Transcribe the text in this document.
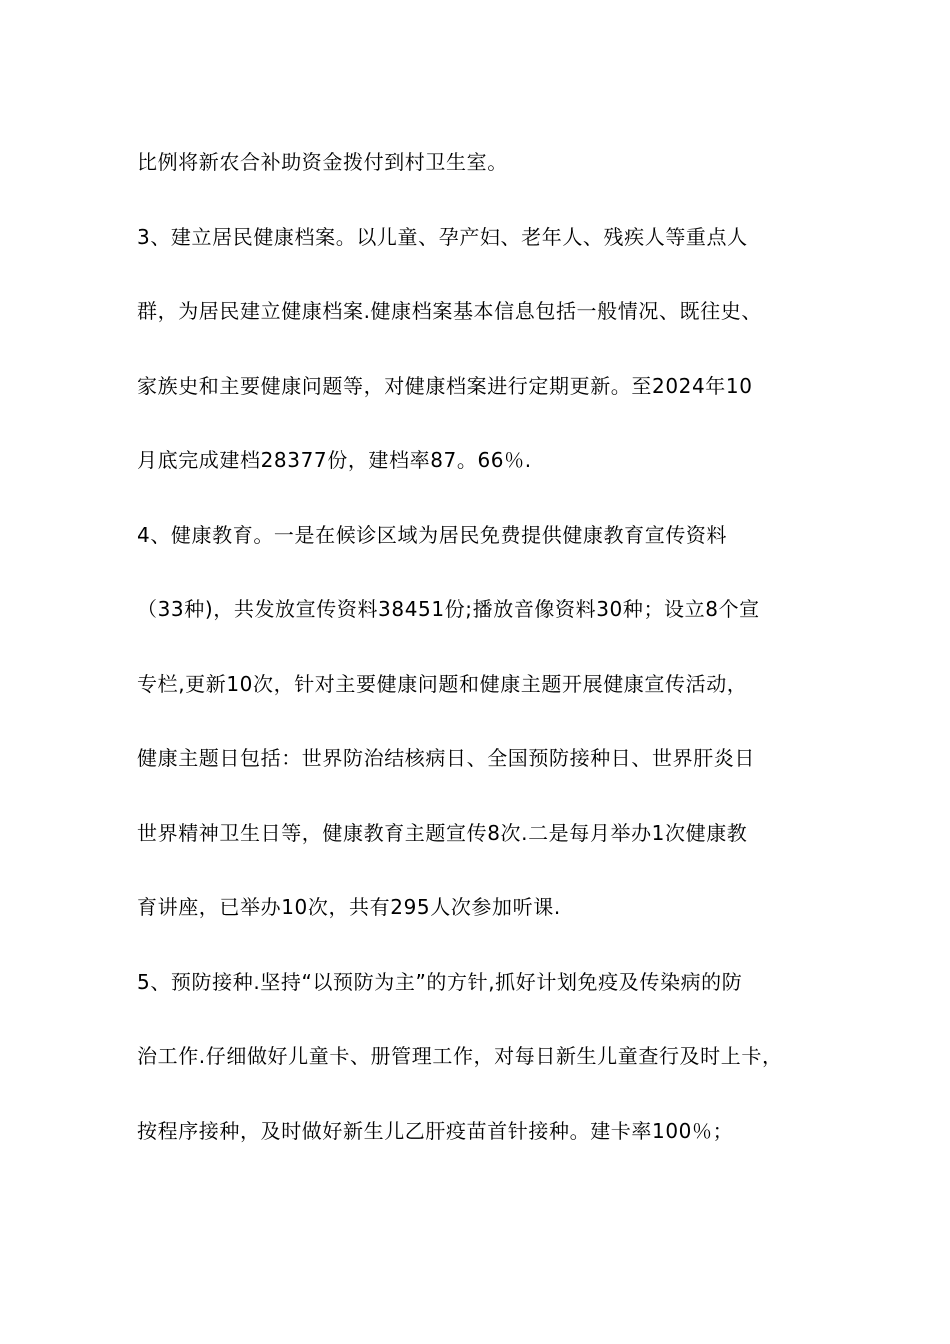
比例将新农合补助资金拨付到村卫生室。
3、建立居民健康档案。以儿童、孕产妇、老年人、残疾人等重点人
群，为居民建立健康档案.健康档案基本信息包括一般情况、既往史、
家族史和主要健康问题等，对健康档案进行定期更新。至2024年10
月底完成建档28377份，建档率87。66％.
4、健康教育。一是在候诊区域为居民免费提供健康教育宣传资料
（33种)，共发放宣传资料38451份;播放音像资料30种；设立8个宣
专栏,更新10次，针对主要健康问题和健康主题开展健康宣传活动，
健康主题日包括：世界防治结核病日、全国预防接种日、世界肝炎日
世界精神卫生日等，健康教育主题宣传8次.二是每月举办1次健康教
育讲座，已举办10次，共有295人次参加听课.
5、预防接种.坚持“以预防为主”的方针,抓好计划免疫及传染病的防
治工作.仔细做好儿童卡、册管理工作，对每日新生儿童查行及时上卡，
按程序接种，及时做好新生儿乙肝疫苗首针接种。建卡率100％；
